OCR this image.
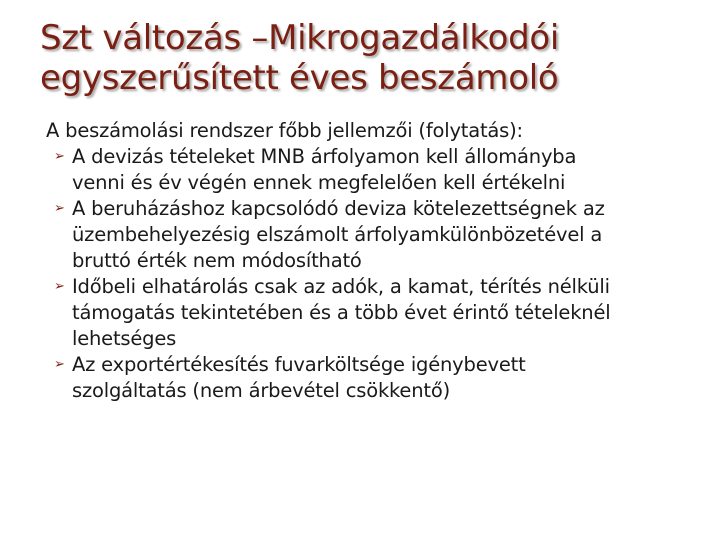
Szt változás –Mikrogazdálkodói
egyszerűsített éves beszámoló
A beszámolási rendszer főbb jellemzői (folytatás):
➢ A devizás tételeket MNB árfolyamon kell állományba
venni és év végén ennek megfelelően kell értékelni
➢ A beruházáshoz kapcsolódó deviza kötelezettségnek az
üzembehelyezésig elszámolt árfolyamkülönbözetével a
bruttó érték nem módosítható
➢ Időbeli elhatárolás csak az adók, a kamat, térítés nélküli
támogatás tekintetében és a több évet érintő tételeknél
lehetséges
➢ Az exportértékesítés fuvarköltsége igénybevett
szolgáltatás (nem árbevétel csökkentő)
